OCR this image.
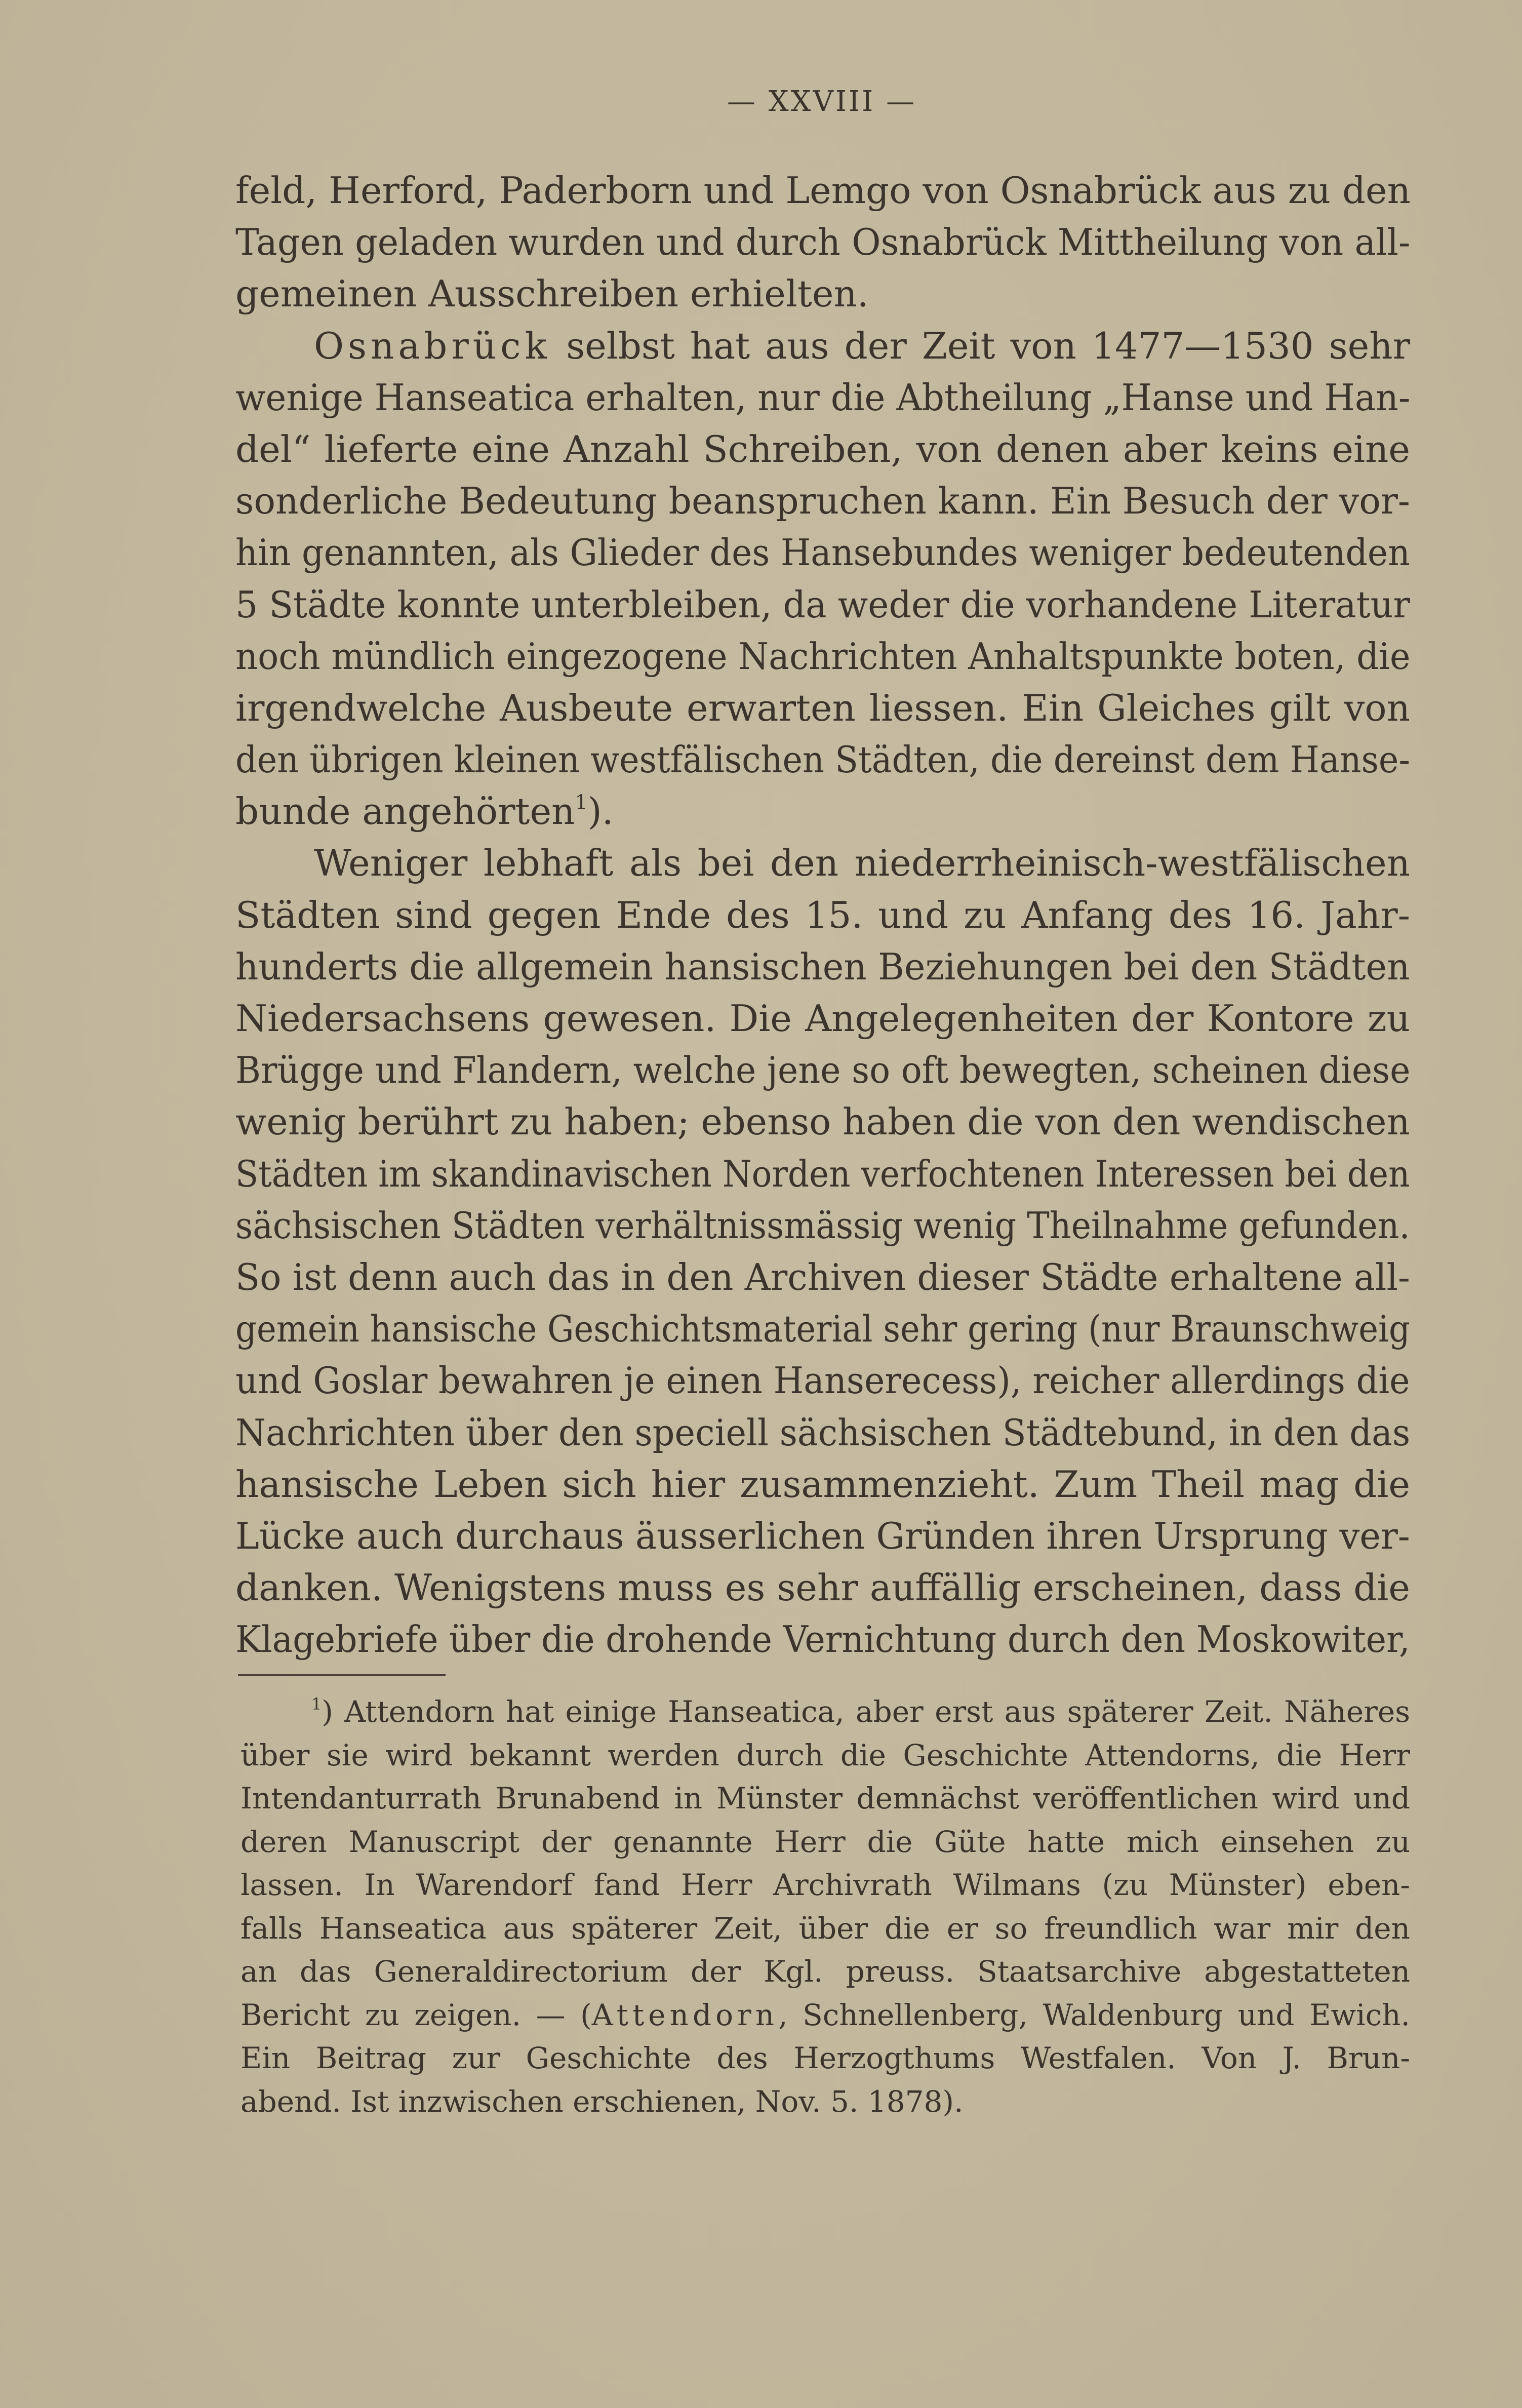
— XXVIII —
feld, Herford, Paderborn und Lemgo von Osnabrück aus zu den
Tagen geladen wurden und durch Osnabrück Mittheilung von all-
gemeinen Ausschreiben erhielten.
Osnabrück selbst hat aus der Zeit von 1477—1530 sehr
wenige Hanseatica erhalten, nur die Abtheilung „Hanse und Han-
del“ lieferte eine Anzahl Schreiben, von denen aber keins eine
sonderliche Bedeutung beanspruchen kann. Ein Besuch der vor-
hin genannten, als Glieder des Hansebundes weniger bedeutenden
5 Städte konnte unterbleiben, da weder die vorhandene Literatur
noch mündlich eingezogene Nachrichten Anhaltspunkte boten, die
irgendwelche Ausbeute erwarten liessen. Ein Gleiches gilt von
den übrigen kleinen westfälischen Städten, die dereinst dem Hanse-
bunde angehörten$^1$).
Weniger lebhaft als bei den niederrheinisch-westfälischen
Städten sind gegen Ende des 15. und zu Anfang des 16. Jahr-
hunderts die allgemein hansischen Beziehungen bei den Städten
Niedersachsens gewesen. Die Angelegenheiten der Kontore zu
Brügge und Flandern, welche jene so oft bewegten, scheinen diese
wenig berührt zu haben; ebenso haben die von den wendischen
Städten im skandinavischen Norden verfochtenen Interessen bei den
sächsischen Städten verhältnissmässig wenig Theilnahme gefunden.
So ist denn auch das in den Archiven dieser Städte erhaltene all-
gemein hansische Geschichtsmaterial sehr gering (nur Braunschweig
und Goslar bewahren je einen Hanserecess), reicher allerdings die
Nachrichten über den speciell sächsischen Städtebund, in den das
hansische Leben sich hier zusammenzieht. Zum Theil mag die
Lücke auch durchaus äusserlichen Gründen ihren Ursprung ver-
danken. Wenigstens muss es sehr auffällig erscheinen, dass die
Klagebriefe über die drohende Vernichtung durch den Moskowiter,
$^1$) Attendorn hat einige Hanseatica, aber erst aus späterer Zeit. Näheres
über sie wird bekannt werden durch die Geschichte Attendorns, die Herr
Intendanturrath Brunabend in Münster demnächst veröffentlichen wird und
deren Manuscript der genannte Herr die Güte hatte mich einsehen zu
lassen. In Warendorf fand Herr Archivrath Wilmans (zu Münster) eben-
falls Hanseatica aus späterer Zeit, über die er so freundlich war mir den
an das Generaldirectorium der Kgl. preuss. Staatsarchive abgestatteten
Bericht zu zeigen. — (Attendorn, Schnellenberg, Waldenburg und Ewich.
Ein Beitrag zur Geschichte des Herzogthums Westfalen. Von J. Brun-
abend. Ist inzwischen erschienen, Nov. 5. 1878).
